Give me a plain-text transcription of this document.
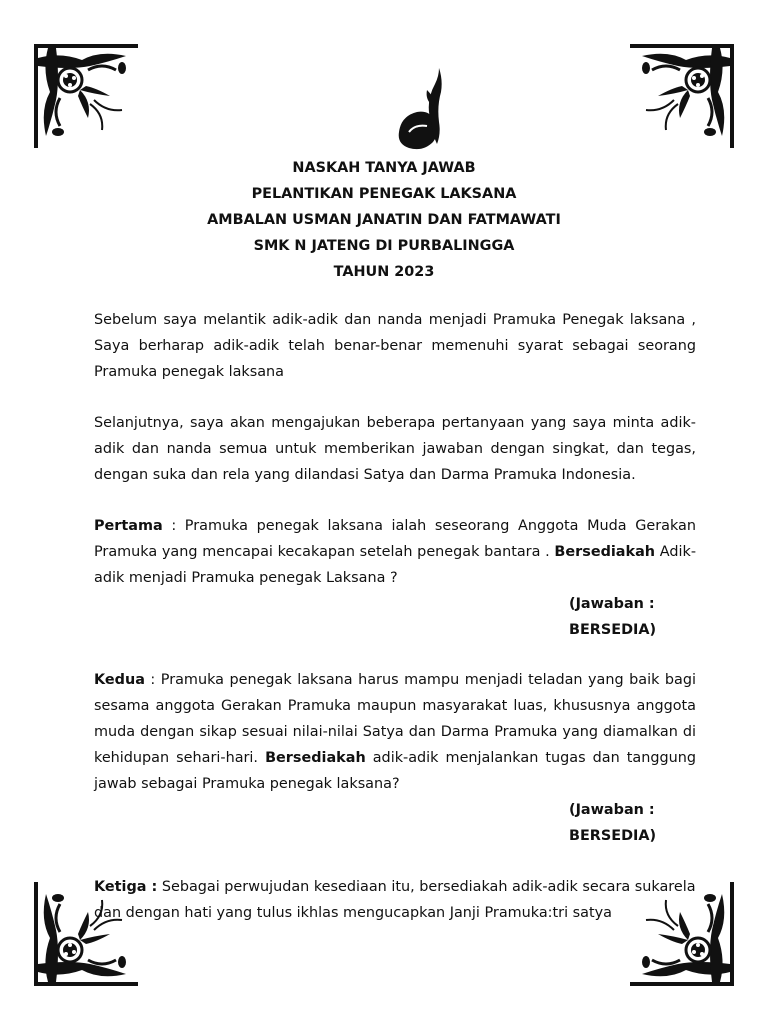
NASKAH TANYA JAWAB
PELANTIKAN PENEGAK LAKSANA
AMBALAN USMAN JANATIN DAN FATMAWATI
SMK N JATENG DI PURBALINGGA
TAHUN 2023
Sebelum saya melantik adik-adik dan nanda menjadi Pramuka Penegak laksana , Saya berharap adik-adik telah benar-benar memenuhi syarat sebagai seorang Pramuka penegak laksana
Selanjutnya, saya akan mengajukan beberapa pertanyaan yang saya minta adik-adik dan nanda semua untuk memberikan jawaban dengan singkat, dan tegas, dengan suka dan rela yang dilandasi Satya dan Darma Pramuka Indonesia.
Pertama : Pramuka penegak laksana ialah seseorang Anggota Muda Gerakan Pramuka yang mencapai kecakapan setelah penegak bantara . Bersediakah Adik-adik menjadi Pramuka penegak Laksana ?
(Jawaban :
BERSEDIA)
Kedua : Pramuka penegak laksana harus mampu menjadi teladan yang baik bagi sesama anggota Gerakan Pramuka maupun masyarakat luas, khususnya anggota muda dengan sikap sesuai nilai-nilai Satya dan Darma Pramuka yang diamalkan di kehidupan sehari-hari. Bersediakah adik-adik menjalankan tugas dan tanggung jawab sebagai Pramuka penegak laksana?
(Jawaban :
BERSEDIA)
Ketiga : Sebagai perwujudan kesediaan itu, bersediakah adik-adik secara sukarela dan dengan hati yang tulus ikhlas mengucapkan Janji Pramuka:tri satya
